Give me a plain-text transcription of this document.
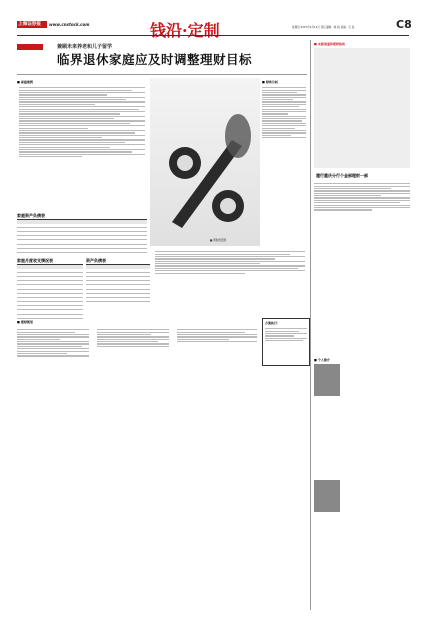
上海证券报 www.cnstock.com	钱沿·定制	星期四 2007年6月14日 责任编辑：晓 娟 美编：石 斌	C8
精选热手案例
兼顾未来养老和儿子留学
临界退休家庭应及时调整理财目标
■ 家庭案例
■ 理财配置图
■ 财务分析
家庭资产负债表
家庭月度收支情况表	资产负债表
方案执行：
■ 理财规划
■ 来源渠道和理财热线
建行重庆分行个金部理财一部
■ 个人简介
